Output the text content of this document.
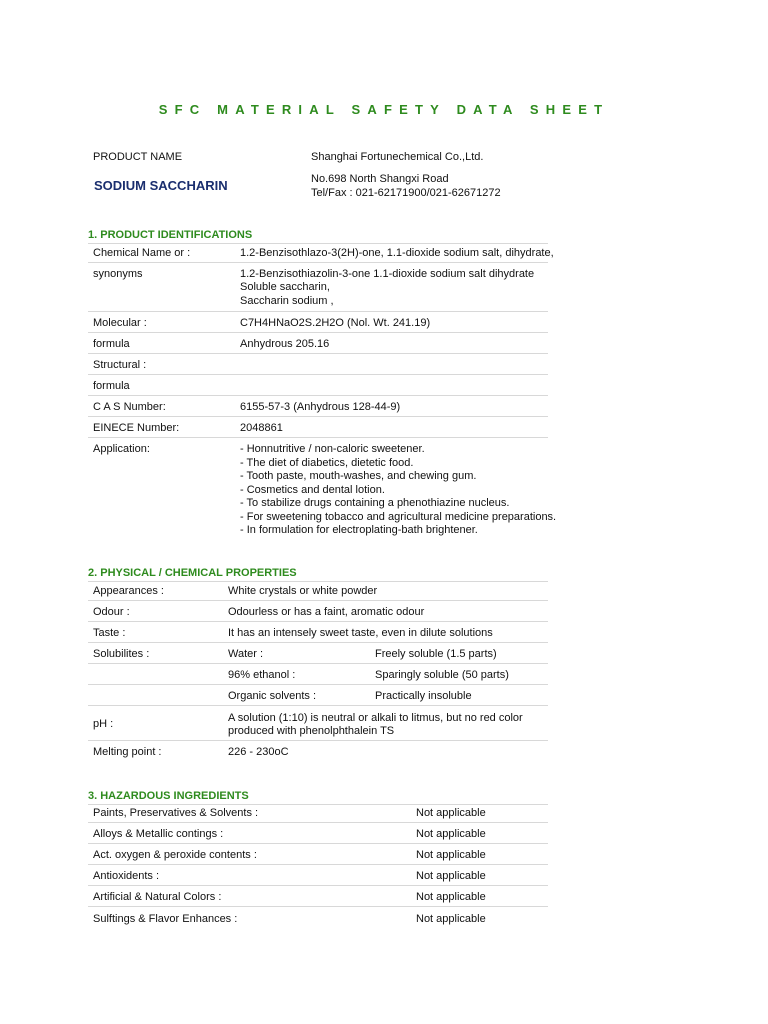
SFC MATERIAL SAFETY DATA SHEET
PRODUCT NAME
SODIUM SACCHARIN
Shanghai Fortunechemical Co.,Ltd.
No.698 North Shangxi Road
Tel/Fax : 021-62171900/021-62671272
1. PRODUCT IDENTIFICATIONS
Chemical Name or :	1.2-Benzisothlazo-3(2H)-one, 1.1-dioxide sodium salt, dihydrate,
synonyms	1.2-Benzisothiazolin-3-one 1.1-dioxide sodium salt dihydrate
Soluble saccharin,
Saccharin sodium ,
Molecular :	C7H4HNaO2S.2H2O (Nol. Wt. 241.19)
formula	Anhydrous 205.16
Structural :
formula
C A S Number:	6155-57-3 (Anhydrous 128-44-9)
EINECE Number:	2048861
Application:	- Honnutritive / non-caloric sweetener.
- The diet of diabetics, dietetic food.
- Tooth paste, mouth-washes, and chewing gum.
- Cosmetics and dental lotion.
- To stabilize drugs containing a phenothiazine nucleus.
- For sweetening tobacco and agricultural medicine preparations.
- In formulation for electroplating-bath brightener.
2. PHYSICAL / CHEMICAL PROPERTIES
Appearances :	White crystals or white powder
Odour :	Odourless or has a faint, aromatic odour
Taste :	It has an intensely sweet taste, even in dilute solutions
Solubilites :	Water :	Freely soluble (1.5 parts)
96% ethanol :	Sparingly soluble (50 parts)
Organic solvents :	Practically insoluble
pH :	A solution (1:10) is neutral or alkali to litmus, but no red color
produced with phenolphthalein TS
Melting point :	226 - 230oC
3. HAZARDOUS INGREDIENTS
Paints, Preservatives & Solvents :	Not applicable
Alloys & Metallic contings :	Not applicable
Act. oxygen & peroxide contents :	Not applicable
Antioxidents :	Not applicable
Artificial & Natural Colors :	Not applicable
Sulftings & Flavor Enhances :	Not applicable
